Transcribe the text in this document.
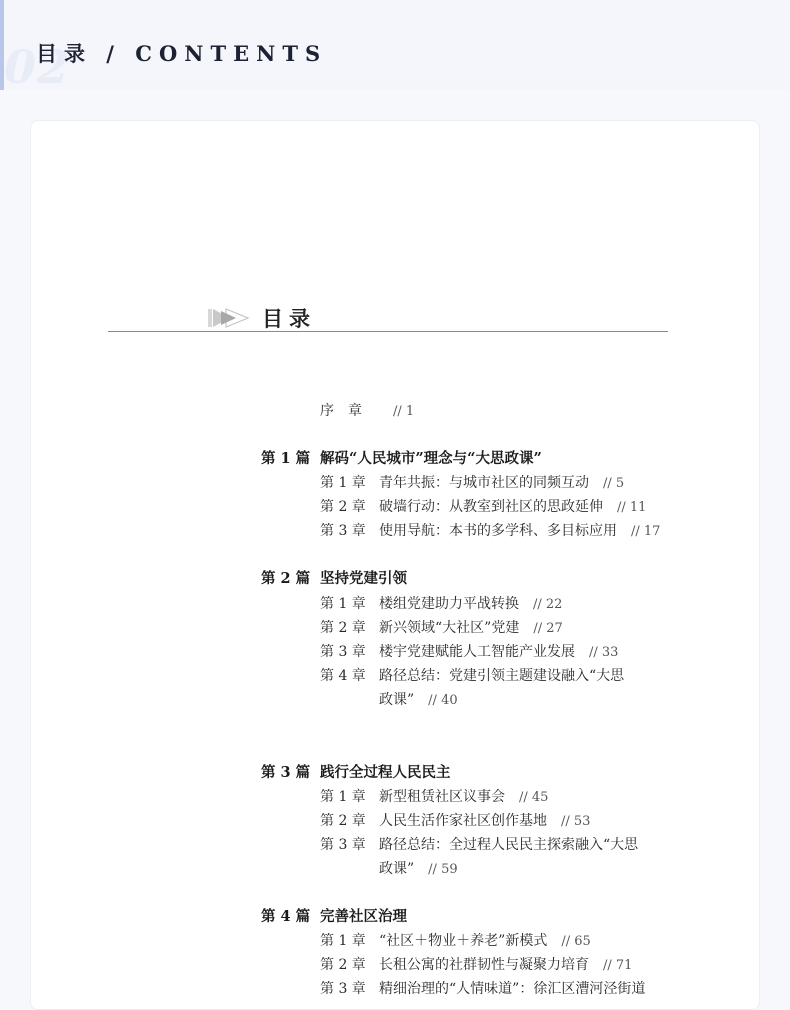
02
目录 / CONTENTS
目录
序　章 // 1
第 1 篇 解码“人民城市”理念与“大思政课”
第 1 章 青年共振：与城市社区的同频互动 // 5
第 2 章 破墙行动：从教室到社区的思政延伸 // 11
第 3 章 使用导航：本书的多学科、多目标应用 // 17
第 2 篇 坚持党建引领
第 1 章 楼组党建助力平战转换 // 22
第 2 章 新兴领域“大社区”党建 // 27
第 3 章 楼宇党建赋能人工智能产业发展 // 33
第 4 章 路径总结：党建引领主题建设融入“大思
政课” // 40
第 3 篇 践行全过程人民民主
第 1 章 新型租赁社区议事会 // 45
第 2 章 人民生活作家社区创作基地 // 53
第 3 章 路径总结：全过程人民民主探索融入“大思
政课” // 59
第 4 篇 完善社区治理
第 1 章 “社区＋物业＋养老”新模式 // 65
第 2 章 长租公寓的社群韧性与凝聚力培育 // 71
第 3 章 精细治理的“人情味道”：徐汇区漕河泾街道
